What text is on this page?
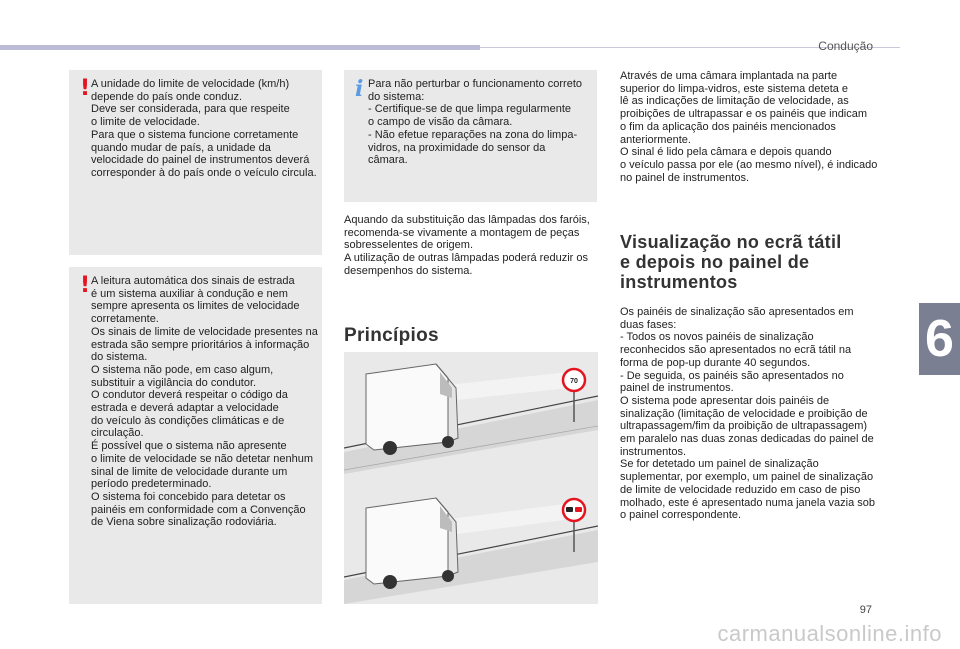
Condução
6
! A unidade do limite de velocidade (km/h)
depende do país onde conduz.
Deve ser considerada, para que respeite
o limite de velocidade.
Para que o sistema funcione corretamente
quando mudar de país, a unidade da
velocidade do painel de instrumentos deverá
corresponder à do país onde o veículo circula.
! A leitura automática dos sinais de estrada
é um sistema auxiliar à condução e nem
sempre apresenta os limites de velocidade
corretamente.
Os sinais de limite de velocidade presentes na
estrada são sempre prioritários à informação
do sistema.
O sistema não pode, em caso algum,
substituir a vigilância do condutor.
O condutor deverá respeitar o código da
estrada e deverá adaptar a velocidade
do veículo às condições climáticas e de
circulação.
É possível que o sistema não apresente
o limite de velocidade se não detetar nenhum
sinal de limite de velocidade durante um
período predeterminado.
O sistema foi concebido para detetar os
painéis em conformidade com a Convenção
de Viena sobre sinalização rodoviária.
i Para não perturbar o funcionamento correto
do sistema:
- Certifique-se de que limpa regularmente
o campo de visão da câmara.
- Não efetue reparações na zona do limpa-
vidros, na proximidade do sensor da
câmara.
Aquando da substituição das lâmpadas dos faróis,
recomenda-se vivamente a montagem de peças
sobresselentes de origem.
A utilização de outras lâmpadas poderá reduzir os
desempenhos do sistema.
Princípios
70
Através de uma câmara implantada na parte
superior do limpa-vidros, este sistema deteta e
lê as indicações de limitação de velocidade, as
proibições de ultrapassar e os painéis que indicam
o fim da aplicação dos painéis mencionados
anteriormente.
O sinal é lido pela câmara e depois quando
o veículo passa por ele (ao mesmo nível), é indicado
no painel de instrumentos.
Visualização no ecrã tátil
e depois no painel de
instrumentos
Os painéis de sinalização são apresentados em
duas fases:
- Todos os novos painéis de sinalização
reconhecidos são apresentados no ecrã tátil na
forma de pop-up durante 40 segundos.
- De seguida, os painéis são apresentados no
painel de instrumentos.
O sistema pode apresentar dois painéis de
sinalização (limitação de velocidade e proibição de
ultrapassagem/fim da proibição de ultrapassagem)
em paralelo nas duas zonas dedicadas do painel de
instrumentos.
Se for detetado um painel de sinalização
suplementar, por exemplo, um painel de sinalização
de limite de velocidade reduzido em caso de piso
molhado, este é apresentado numa janela vazia sob
o painel correspondente.
97
carmanualsonline.info
